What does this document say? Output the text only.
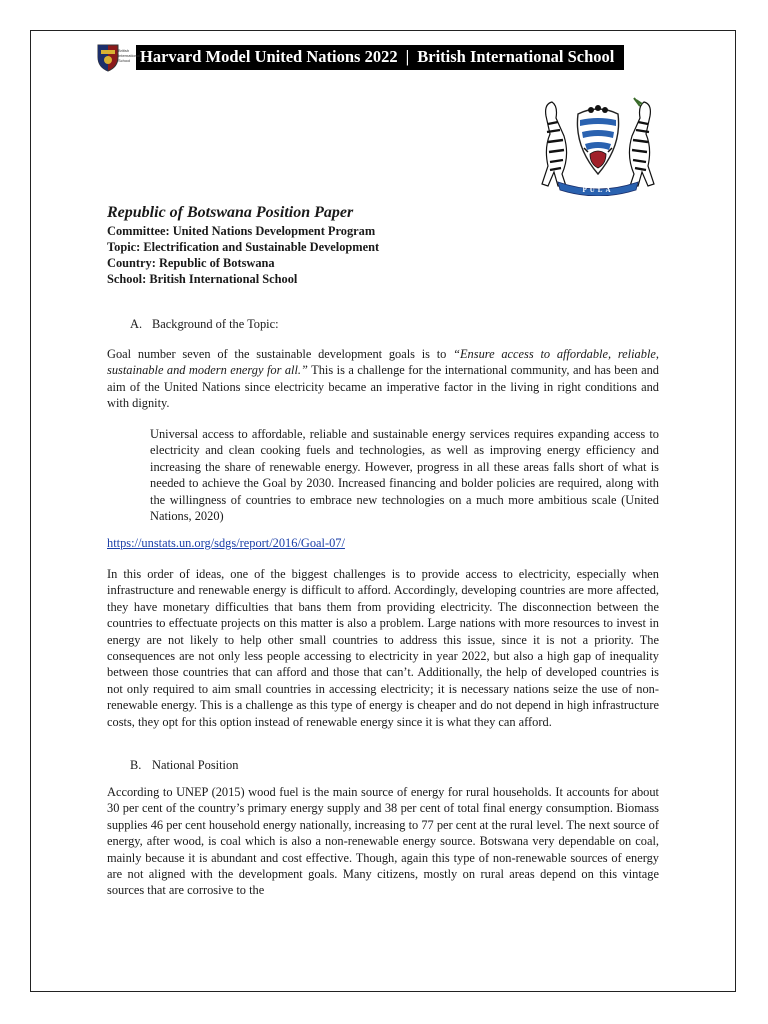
British International School Harvard Model United Nations 2022 | British International School
PULA
Republic of Botswana Position Paper
Committee: United Nations Development Program
Topic: Electrification and Sustainable Development
Country: Republic of Botswana
School: British International School
A. Background of the Topic:
Goal number seven of the sustainable development goals is to “Ensure access to affordable, reliable, sustainable and modern energy for all.” This is a challenge for the international community, and has been and aim of the United Nations since electricity became an imperative factor in the living in right conditions and with dignity.
Universal access to affordable, reliable and sustainable energy services requires expanding access to electricity and clean cooking fuels and technologies, as well as improving energy efficiency and increasing the share of renewable energy. However, progress in all these areas falls short of what is needed to achieve the Goal by 2030. Increased financing and bolder policies are required, along with the willingness of countries to embrace new technologies on a much more ambitious scale (United Nations, 2020)
https://unstats.un.org/sdgs/report/2016/Goal-07/
In this order of ideas, one of the biggest challenges is to provide access to electricity, especially when infrastructure and renewable energy is difficult to afford. Accordingly, developing countries are more affected, they have monetary difficulties that bans them from providing electricity. The disconnection between the countries to effectuate projects on this matter is also a problem. Large nations with more resources to invest in energy are not likely to help other small countries to address this issue, since it is not a priority. The consequences are not only less people accessing to electricity in year 2022, but also a high gap of inequality between those countries that can afford and those that can’t. Additionally, the help of developed countries is not only required to aim small countries in accessing electricity; it is necessary nations seize the use of non-renewable energy. This is a challenge as this type of energy is cheaper and do not depend in high infrastructure costs, they opt for this option instead of renewable energy since it is what they can afford.
B. National Position
According to UNEP (2015) wood fuel is the main source of energy for rural households. It accounts for about 30 per cent of the country’s primary energy supply and 38 per cent of total final energy consumption. Biomass supplies 46 per cent household energy nationally, increasing to 77 per cent at the rural level. The next source of energy, after wood, is coal which is also a non-renewable energy source. Botswana very dependable on coal, mainly because it is abundant and cost effective. Though, again this type of non-renewable sources of energy are not aligned with the development goals. Many citizens, mostly on rural areas depend on this vintage sources that are corrosive to the
